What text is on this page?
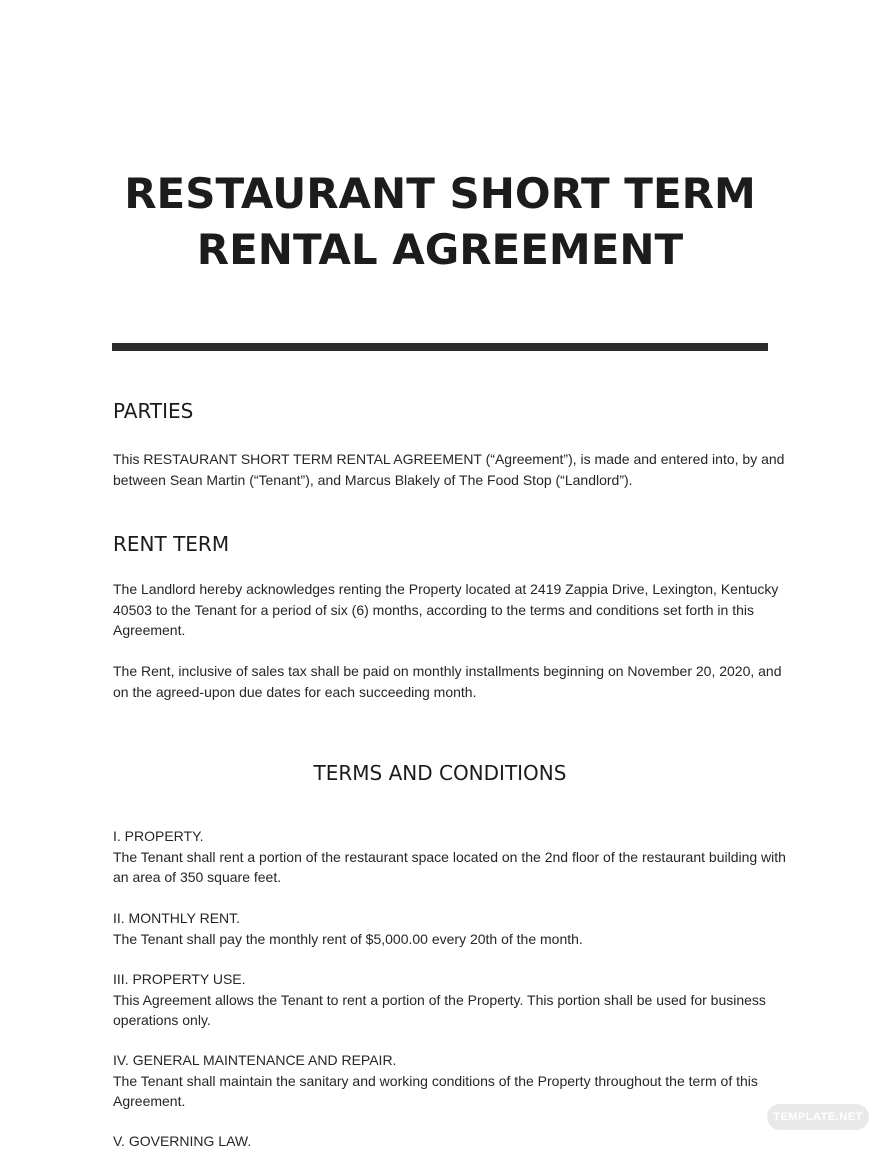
RESTAURANT SHORT TERM
RENTAL AGREEMENT
PARTIES
This RESTAURANT SHORT TERM RENTAL AGREEMENT (“Agreement”), is made and entered into, by and
between Sean Martin (“Tenant”), and Marcus Blakely of The Food Stop (“Landlord”).
RENT TERM
The Landlord hereby acknowledges renting the Property located at 2419 Zappia Drive, Lexington, Kentucky
40503 to the Tenant for a period of six (6) months, according to the terms and conditions set forth in this
Agreement.
The Rent, inclusive of sales tax shall be paid on monthly installments beginning on November 20, 2020, and
on the agreed-upon due dates for each succeeding month.
TERMS AND CONDITIONS
I. PROPERTY.
The Tenant shall rent a portion of the restaurant space located on the 2nd floor of the restaurant building with
an area of 350 square feet.
II. MONTHLY RENT.
The Tenant shall pay the monthly rent of $5,000.00 every 20th of the month.
III. PROPERTY USE.
This Agreement allows the Tenant to rent a portion of the Property. This portion shall be used for business
operations only.
IV. GENERAL MAINTENANCE AND REPAIR.
The Tenant shall maintain the sanitary and working conditions of the Property throughout the term of this
Agreement.
V. GOVERNING LAW.
TEMPLATE.NET
